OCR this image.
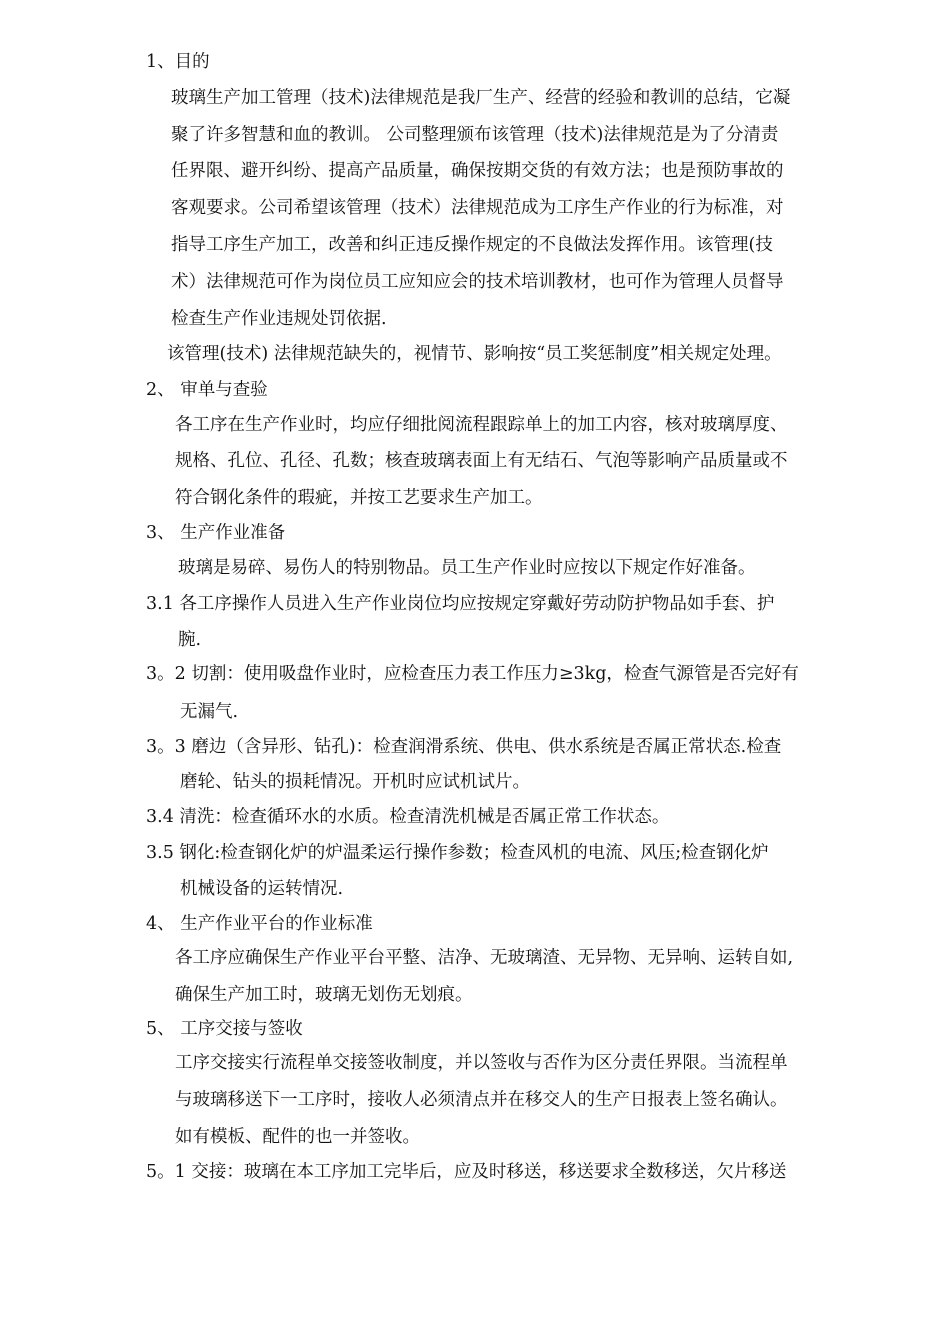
1、目的
玻璃生产加工管理（技术)法律规范是我厂生产、经营的经验和教训的总结，它凝
聚了许多智慧和血的教训。 公司整理颁布该管理（技术)法律规范是为了分清责
任界限、避开纠纷、提高产品质量，确保按期交货的有效方法；也是预防事故的
客观要求。公司希望该管理（技术）法律规范成为工序生产作业的行为标准，对
指导工序生产加工，改善和纠正违反操作规定的不良做法发挥作用。该管理(技
术）法律规范可作为岗位员工应知应会的技术培训教材，也可作为管理人员督导
检查生产作业违规处罚依据.
该管理(技术) 法律规范缺失的，视情节、影响按“员工奖惩制度”相关规定处理。
2、 审单与查验
各工序在生产作业时，均应仔细批阅流程跟踪单上的加工内容，核对玻璃厚度、
规格、孔位、孔径、孔数；核查玻璃表面上有无结石、气泡等影响产品质量或不
符合钢化条件的瑕疵，并按工艺要求生产加工。
3、 生产作业准备
玻璃是易碎、易伤人的特别物品。员工生产作业时应按以下规定作好准备。
3.1 各工序操作人员进入生产作业岗位均应按规定穿戴好劳动防护物品如手套、护
腕.
3。2 切割：使用吸盘作业时，应检查压力表工作压力≥3kg，检查气源管是否完好有
无漏气.
3。3 磨边（含异形、钻孔)：检查润滑系统、供电、供水系统是否属正常状态.检查
磨轮、钻头的损耗情况。开机时应试机试片。
3.4 清洗：检查循环水的水质。检查清洗机械是否属正常工作状态。
3.5 钢化:检查钢化炉的炉温柔运行操作参数；检查风机的电流、风压;检查钢化炉
机械设备的运转情况.
4、 生产作业平台的作业标准
各工序应确保生产作业平台平整、洁净、无玻璃渣、无异物、无异响、运转自如,
确保生产加工时，玻璃无划伤无划痕。
5、 工序交接与签收
工序交接实行流程单交接签收制度，并以签收与否作为区分责任界限。当流程单
与玻璃移送下一工序时，接收人必须清点并在移交人的生产日报表上签名确认。
如有模板、配件的也一并签收。
5。1 交接：玻璃在本工序加工完毕后，应及时移送，移送要求全数移送，欠片移送
